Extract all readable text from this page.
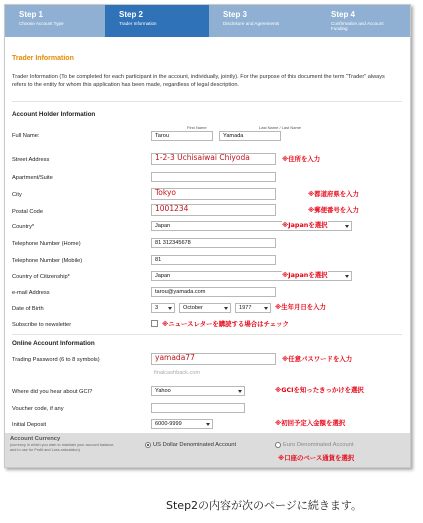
Step 1
Choose Account Type
Step 2
Trader Information
Step 3
Disclosure and Agreements
Step 4
Confirmation and Account Funding
Trader Information
Trader Information (To be completed for each participant in the account, individually, jointly). For the purpose of this document the term "Trader" always refers to the entity for whom this application has been made, regardless of legal description.
Account Holder Information
First Name	Last Name / Last Name
Full Name:	Tarou	Yamada
Street Address	1-2-3 Uchisaiwai Chiyoda	※住所を入力
Apartment/Suite
City	Tokyo	※都道府県を入力
Postal Code	1001234	※郵便番号を入力
Country*	Japan	※Japanを選択
Telephone Number (Home)	81 312345678
Telephone Number (Mobile)	81
Country of Citizenship*	Japan	※Japanを選択
e-mail Address	tarou@yamada.com
Date of Birth	3	October	1977	※生年月日を入力
Subscribe to newsletter	※ニュースレターを購読する場合はチェック
Online Account Information
Trading Password (6 to 8 symbols)	yamada77	※任意パスワードを入力
finalcashback.com
Where did you hear about GCI?	Yahoo	※GCIを知ったきっかけを選択
Voucher code, if any
Initial Deposit	6000-9999	※初回予定入金額を選択
Account Currency
(currency in which you wish to maintain your account balance, and to use for Profit and Loss calculation)
US Dollar Denominated Account	Euro Denominated Account
※口座のベース通貨を選択
Step2の内容が次のページに続きます。
